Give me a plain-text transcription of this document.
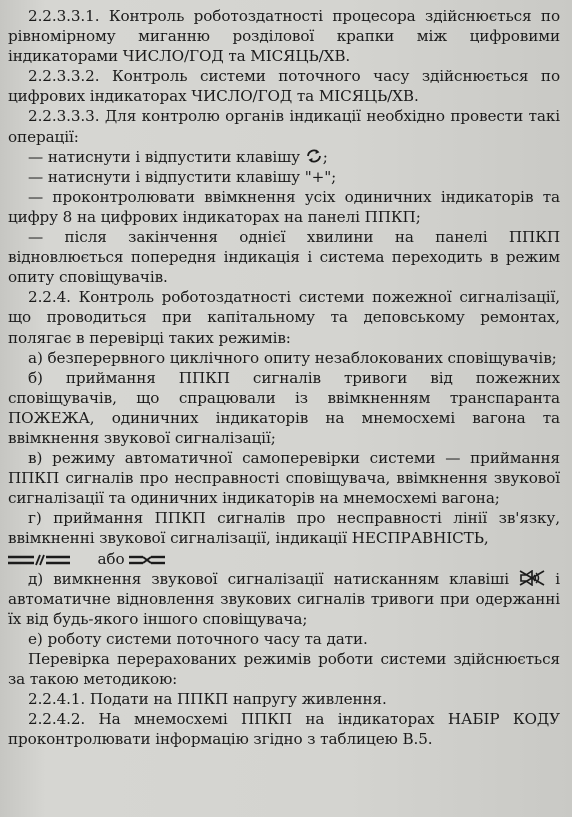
2.2.3.3.1. Контроль роботоздатності процесора здійснюється по рівномірному миганню розділової крапки між цифровими індикаторами ЧИСЛО/ГОД та МІСЯЦЬ/ХВ.

2.2.3.3.2. Контроль системи поточного часу здійснюється по цифрових індикаторах ЧИСЛО/ГОД та МІСЯЦЬ/ХВ.

2.2.3.3.3. Для контролю органів індикації необхідно провести такі операції:

— натиснути і відпустити клавішу ;

— натиснути і відпустити клавішу "+";

— проконтролювати ввімкнення усіх одиничних індикаторів та цифру 8 на цифрових індикаторах на панелі ППКП;

— після закінчення однієї хвилини на панелі ППКП відновлюється попередня індикація і система переходить в режим опиту сповіщувачів.

2.2.4. Контроль роботоздатності системи пожежної сигналізації, що проводиться при капітальному та деповському ремонтах, полягає в перевірці таких режимів:

а) безперервного циклічного опиту незаблокованих сповіщувачів;

б) приймання ППКП сигналів тривоги від пожежних сповіщувачів, що спрацювали із ввімкненням транспаранта ПОЖЕЖА, одиничних індикаторів на мнемосхемі вагона та ввімкнення звукової сигналізації;

в) режиму автоматичної самоперевірки системи — приймання ППКП сигналів про несправності сповіщувача, ввімкнення звукової сигналізації та одиничних індикаторів на мнемосхемі вагона;

г) приймання ППКП сигналів про несправності лінії зв'язку, ввімкненні звукової сигналізації, індикації НЕСПРАВНІСТЬ,

або

д) вимкнення звукової сигналізації натисканням клавіші	і автоматичне відновлення звукових сигналів тривоги при одержанні їх від будь-якого іншого сповіщувача;

е) роботу системи поточного часу та дати.

Перевірка перерахованих режимів роботи системи здійснюється за такою методикою:

2.2.4.1. Подати на ППКП напругу живлення.

2.2.4.2. На мнемосхемі ППКП на індикаторах НАБІР КОДУ проконтролювати інформацію згідно з таблицею В.5.
